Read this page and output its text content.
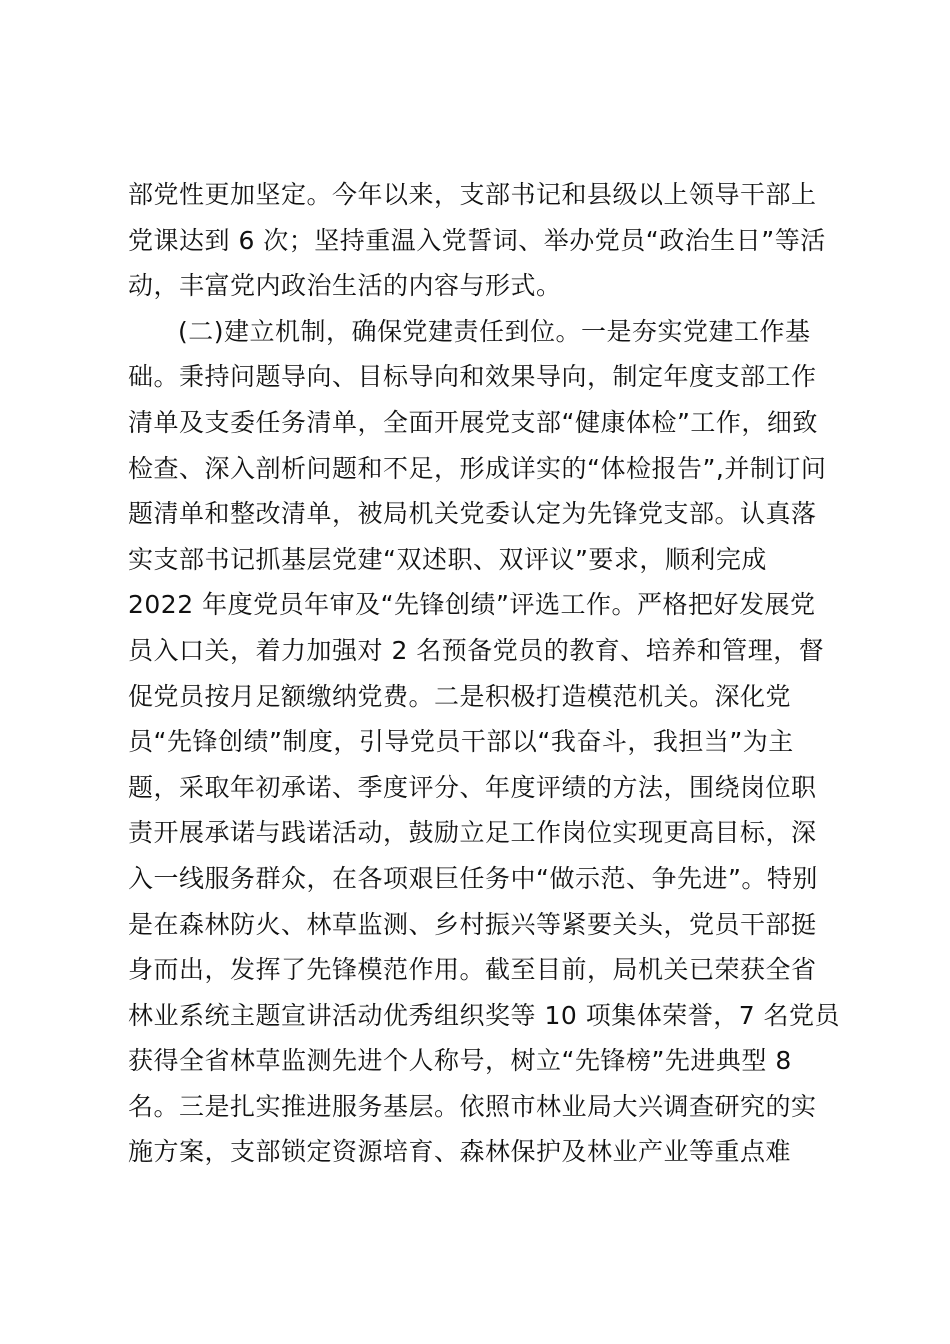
部党性更加坚定。今年以来，支部书记和县级以上领导干部上
党课达到 6 次；坚持重温入党誓词、举办党员“政治生日”等活
动，丰富党内政治生活的内容与形式。
(二)建立机制，确保党建责任到位。一是夯实党建工作基
础。秉持问题导向、目标导向和效果导向，制定年度支部工作
清单及支委任务清单，全面开展党支部“健康体检”工作，细致
检查、深入剖析问题和不足，形成详实的“体检报告”,并制订问
题清单和整改清单，被局机关党委认定为先锋党支部。认真落
实支部书记抓基层党建“双述职、双评议”要求，顺利完成
2022 年度党员年审及“先锋创绩”评选工作。严格把好发展党
员入口关，着力加强对 2 名预备党员的教育、培养和管理，督
促党员按月足额缴纳党费。二是积极打造模范机关。深化党
员“先锋创绩”制度，引导党员干部以“我奋斗，我担当”为主
题，采取年初承诺、季度评分、年度评绩的方法，围绕岗位职
责开展承诺与践诺活动，鼓励立足工作岗位实现更高目标，深
入一线服务群众，在各项艰巨任务中“做示范、争先进”。特别
是在森林防火、林草监测、乡村振兴等紧要关头，党员干部挺
身而出，发挥了先锋模范作用。截至目前，局机关已荣获全省
林业系统主题宣讲活动优秀组织奖等 10 项集体荣誉，7 名党员
获得全省林草监测先进个人称号，树立“先锋榜”先进典型 8
名。三是扎实推进服务基层。依照市林业局大兴调查研究的实
施方案，支部锁定资源培育、森林保护及林业产业等重点难
